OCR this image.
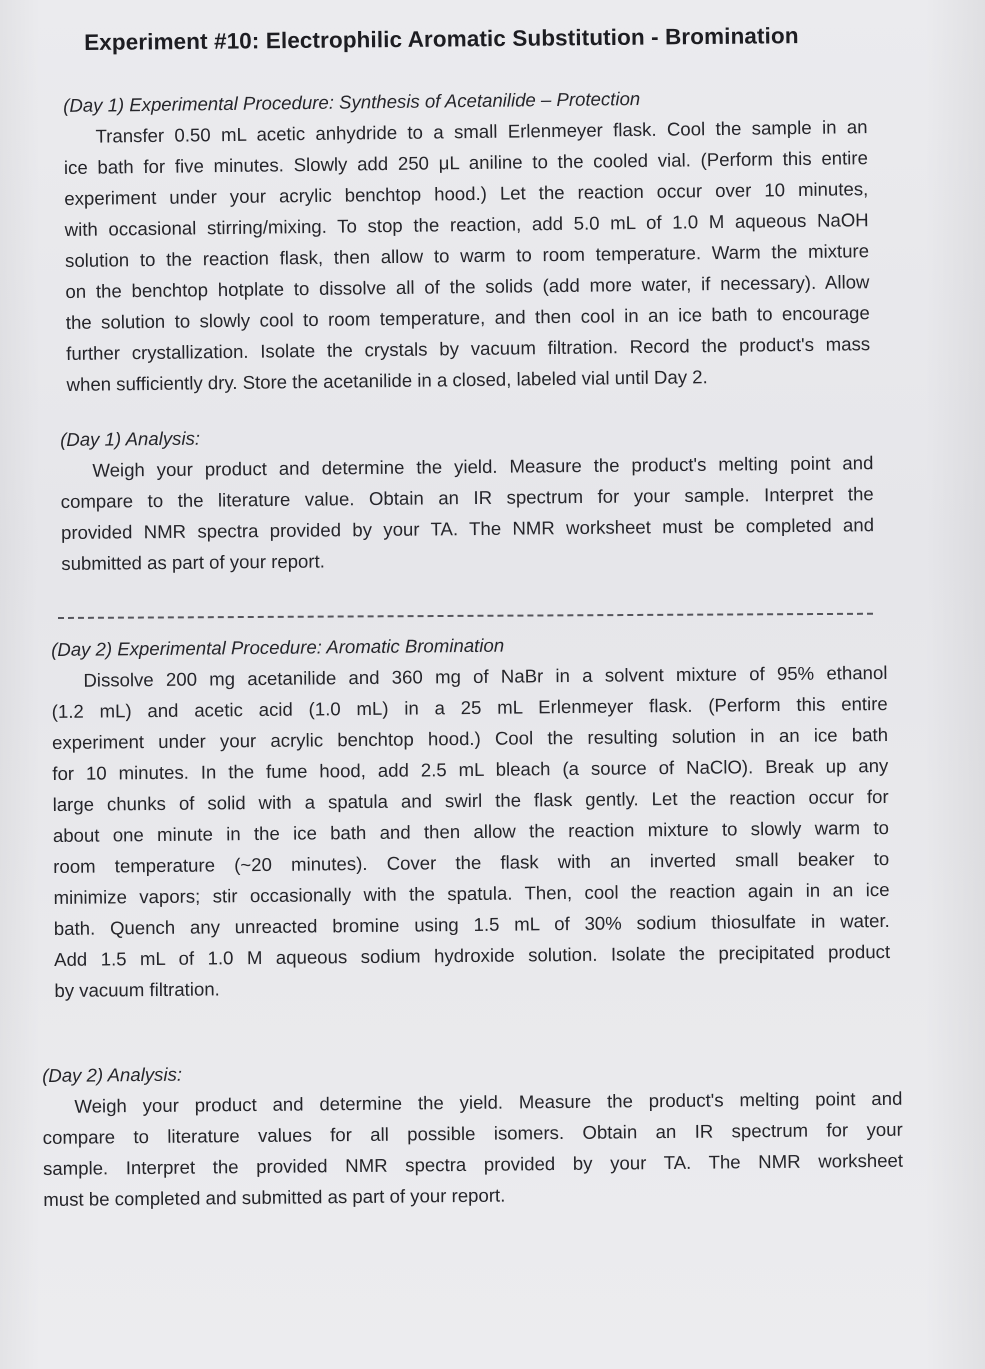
Experiment #10: Electrophilic Aromatic Substitution - Bromination
(Day 1) Experimental Procedure: Synthesis of Acetanilide – Protection
Transfer 0.50 mL acetic anhydride to a small Erlenmeyer flask. Cool the sample in an
ice bath for five minutes. Slowly add 250 μL aniline to the cooled vial. (Perform this entire
experiment under your acrylic benchtop hood.) Let the reaction occur over 10 minutes,
with occasional stirring/mixing. To stop the reaction, add 5.0 mL of 1.0 M aqueous NaOH
solution to the reaction flask, then allow to warm to room temperature. Warm the mixture
on the benchtop hotplate to dissolve all of the solids (add more water, if necessary). Allow
the solution to slowly cool to room temperature, and then cool in an ice bath to encourage
further crystallization. Isolate the crystals by vacuum filtration. Record the product's mass
when sufficiently dry. Store the acetanilide in a closed, labeled vial until Day 2.
(Day 1) Analysis:
Weigh your product and determine the yield. Measure the product's melting point and
compare to the literature value. Obtain an IR spectrum for your sample. Interpret the
provided NMR spectra provided by your TA. The NMR worksheet must be completed and
submitted as part of your report.
(Day 2) Experimental Procedure: Aromatic Bromination
Dissolve 200 mg acetanilide and 360 mg of NaBr in a solvent mixture of 95% ethanol
(1.2 mL) and acetic acid (1.0 mL) in a 25 mL Erlenmeyer flask. (Perform this entire
experiment under your acrylic benchtop hood.) Cool the resulting solution in an ice bath
for 10 minutes. In the fume hood, add 2.5 mL bleach (a source of NaClO). Break up any
large chunks of solid with a spatula and swirl the flask gently. Let the reaction occur for
about one minute in the ice bath and then allow the reaction mixture to slowly warm to
room temperature (~20 minutes). Cover the flask with an inverted small beaker to
minimize vapors; stir occasionally with the spatula. Then, cool the reaction again in an ice
bath. Quench any unreacted bromine using 1.5 mL of 30% sodium thiosulfate in water.
Add 1.5 mL of 1.0 M aqueous sodium hydroxide solution. Isolate the precipitated product
by vacuum filtration.
(Day 2) Analysis:
Weigh your product and determine the yield. Measure the product's melting point and
compare to literature values for all possible isomers. Obtain an IR spectrum for your
sample. Interpret the provided NMR spectra provided by your TA. The NMR worksheet
must be completed and submitted as part of your report.
